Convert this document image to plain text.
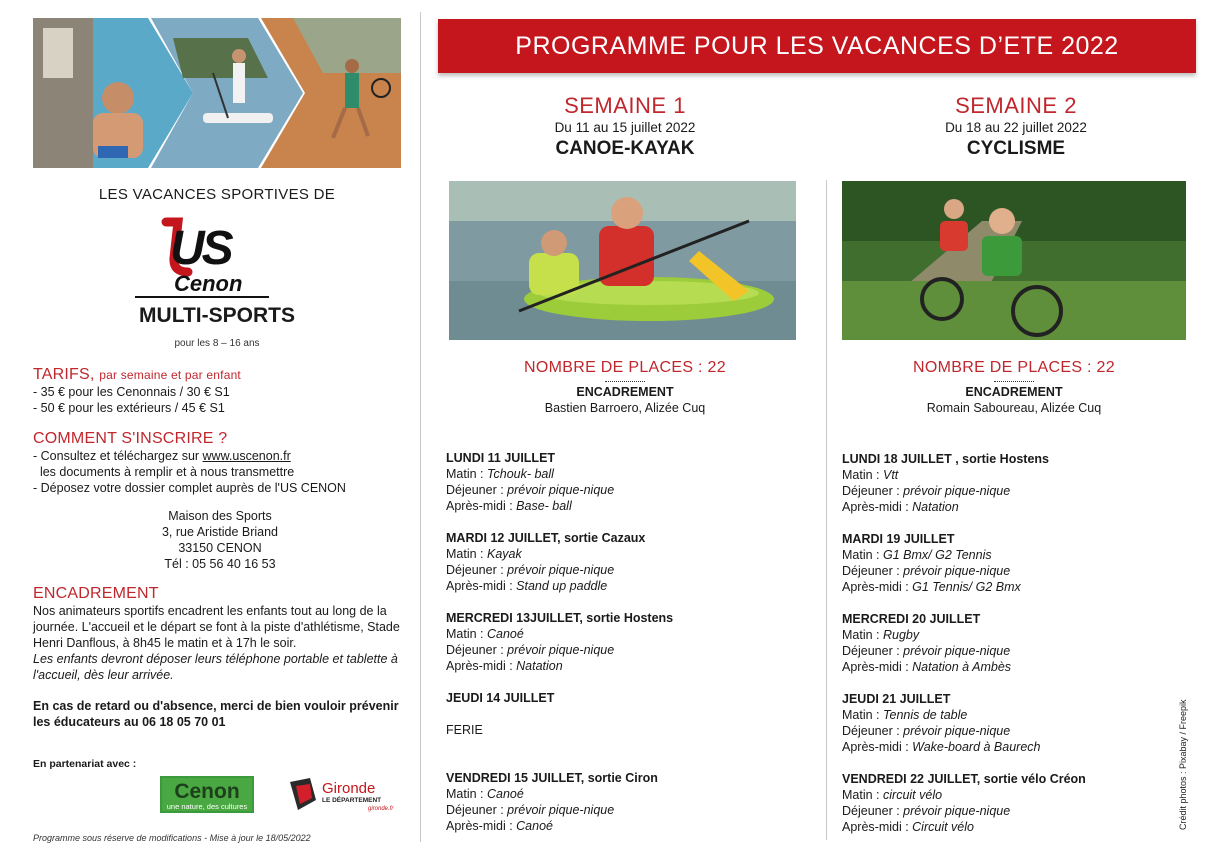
LES VACANCES SPORTIVES DE
US
Cenon
MULTI-SPORTS
pour les 8 – 16 ans
TARIFS, par semaine et par enfant
- 35 € pour les Cenonnais / 30 € S1
- 50 € pour les extérieurs / 45 € S1
COMMENT S'INSCRIRE ?
- Consultez et téléchargez sur www.uscenon.fr
les documents à remplir et à nous transmettre
- Déposez votre dossier complet auprès de l'US CENON
Maison des Sports
3, rue Aristide Briand
33150 CENON
Tél : 05 56 40 16 53
ENCADREMENT
Nos animateurs sportifs encadrent les enfants tout au long de la journée. L'accueil et le départ se font à la piste d'athlétisme, Stade Henri Danflous, à 8h45 le matin et à 17h le soir.
Les enfants devront déposer leurs téléphone portable et tablette à l'accueil, dès leur arrivée.
En cas de retard ou d'absence, merci de bien vouloir prévenir les éducateurs au 06 18 05 70 01
En partenariat avec :
Cenon
une nature, des cultures
Gironde
LE DÉPARTEMENT
gironde.fr
Programme sous réserve de modifications - Mise à jour le 18/05/2022
PROGRAMME POUR LES VACANCES D’ETE 2022
SEMAINE 1
Du 11 au 15 juillet 2022
CANOE-KAYAK
NOMBRE DE PLACES : 22
ENCADREMENT
Bastien Barroero, Alizée Cuq
LUNDI 11 JUILLET
Matin : Tchouk- ball
Déjeuner : prévoir pique-nique
Après-midi : Base- ball
MARDI 12 JUILLET, sortie Cazaux
Matin : Kayak
Déjeuner : prévoir pique-nique
Après-midi : Stand up paddle
MERCREDI 13JUILLET, sortie Hostens
Matin : Canoé
Déjeuner : prévoir pique-nique
Après-midi : Natation
JEUDI 14 JUILLET
FERIE
VENDREDI 15 JUILLET, sortie Ciron
Matin : Canoé
Déjeuner : prévoir pique-nique
Après-midi : Canoé
SEMAINE 2
Du 18 au 22 juillet 2022
CYCLISME
NOMBRE DE PLACES : 22
ENCADREMENT
Romain Saboureau, Alizée Cuq
LUNDI 18 JUILLET , sortie Hostens
Matin : Vtt
Déjeuner : prévoir pique-nique
Après-midi : Natation
MARDI 19 JUILLET
Matin : G1 Bmx/ G2 Tennis
Déjeuner : prévoir pique-nique
Après-midi : G1 Tennis/ G2 Bmx
MERCREDI 20 JUILLET
Matin : Rugby
Déjeuner : prévoir pique-nique
Après-midi : Natation à Ambès
JEUDI 21 JUILLET
Matin : Tennis de table
Déjeuner : prévoir pique-nique
Après-midi : Wake-board à Baurech
VENDREDI 22 JUILLET, sortie vélo Créon
Matin : circuit vélo
Déjeuner : prévoir pique-nique
Après-midi : Circuit vélo	Crédit photos : Pixabay / Freepik
